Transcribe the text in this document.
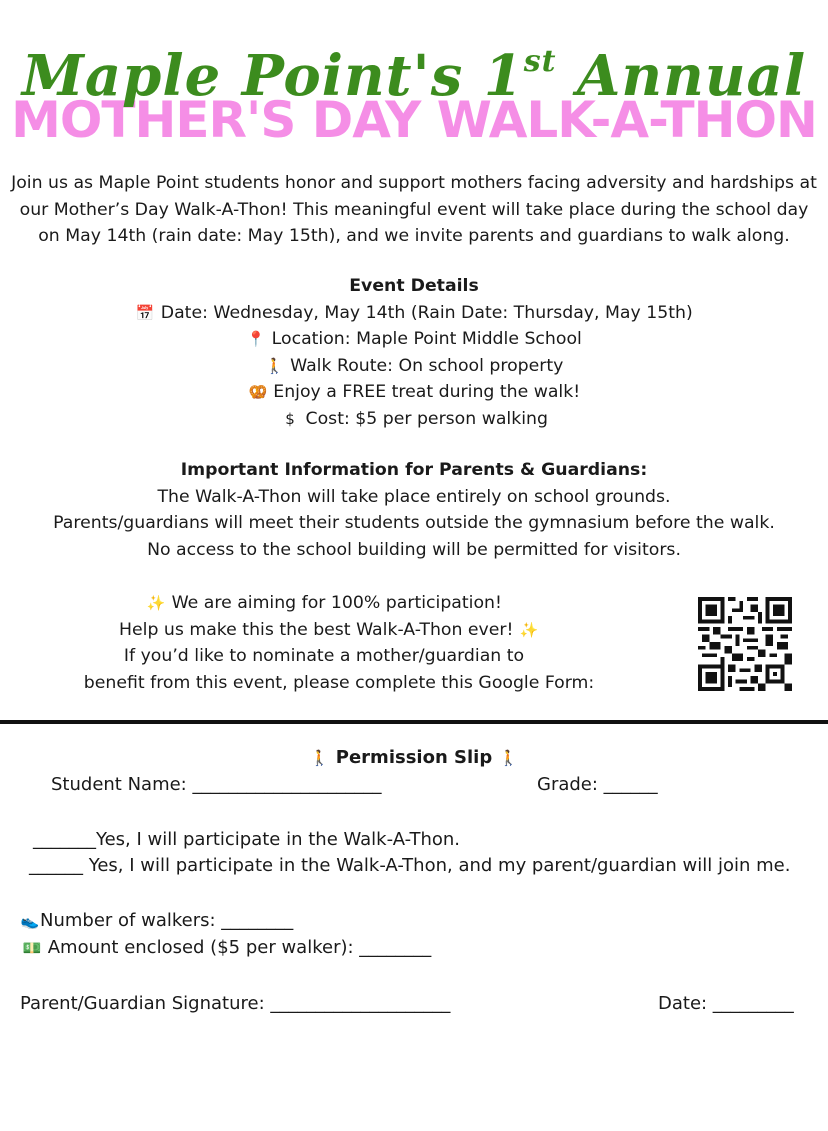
Maple Point's 1st Annual
MOTHER'S DAY WALK-A-THON
Join us as Maple Point students honor and support mothers facing adversity and hardships at our Mother’s Day Walk-A-Thon! This meaningful event will take place during the school day on May 14th (rain date: May 15th), and we invite parents and guardians to walk along.
Event Details
📅 Date: Wednesday, May 14th (Rain Date: Thursday, May 15th)
📍 Location: Maple Point Middle School
🚶 Walk Route: On school property
🥨 Enjoy a FREE treat during the walk!
$ Cost: $5 per person walking
Important Information for Parents & Guardians:
The Walk-A-Thon will take place entirely on school grounds.
Parents/guardians will meet their students outside the gymnasium before the walk.
No access to the school building will be permitted for visitors.
✨ We are aiming for 100% participation!
Help us make this the best Walk-A-Thon ever! ✨
If you’d like to nominate a mother/guardian to
benefit from this event, please complete this Google Form:
🚶 Permission Slip 🚶
Student Name: _____________________	Grade: ______
_______Yes, I will participate in the Walk-A-Thon.
______ Yes, I will participate in the Walk-A-Thon, and my parent/guardian will join me.
👟Number of walkers: ________
💵 Amount enclosed ($5 per walker): ________
Parent/Guardian Signature: ____________________	Date: _________
